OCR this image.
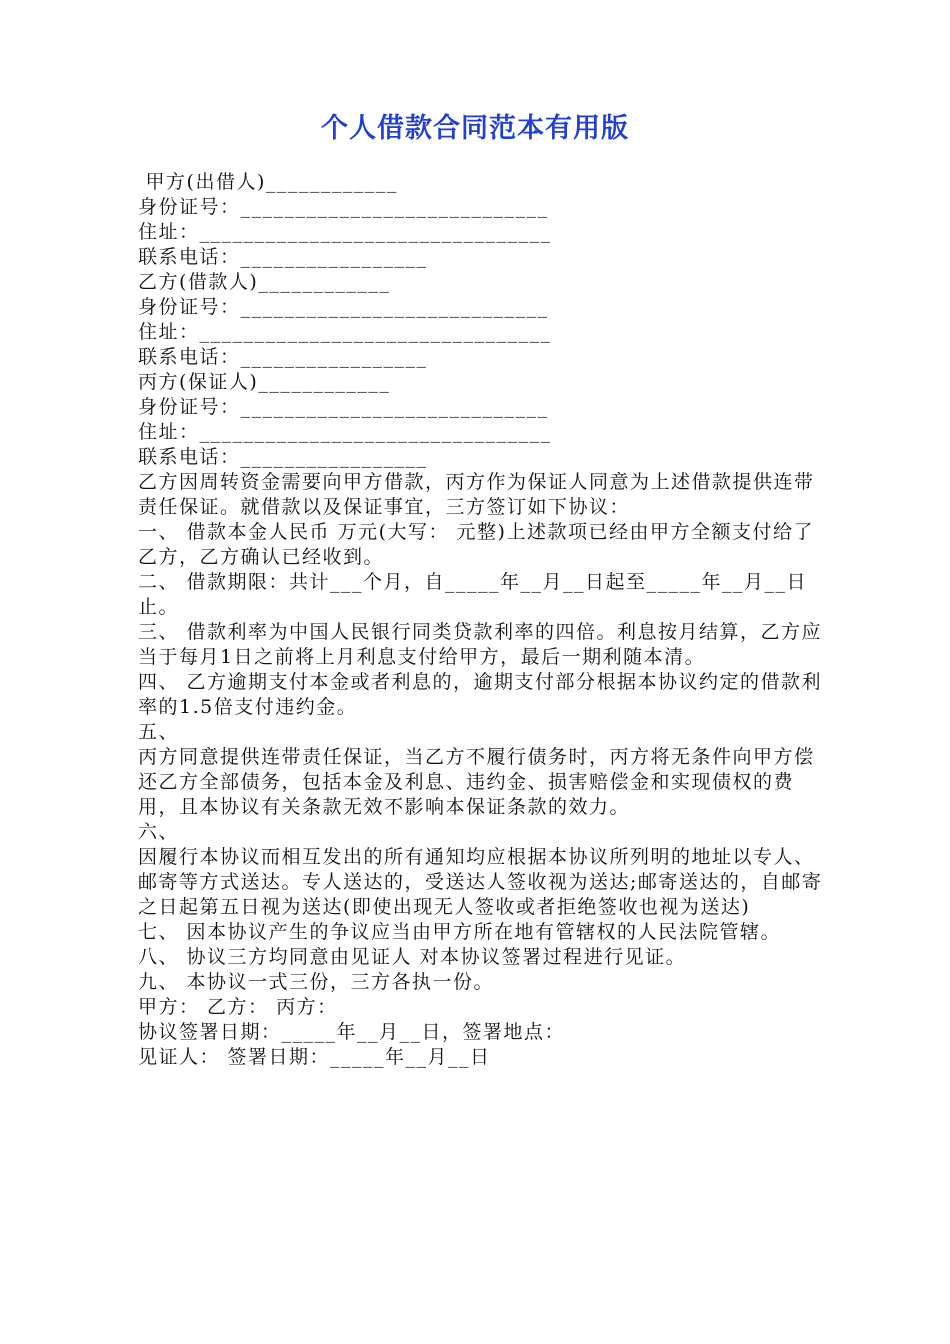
个人借款合同范本有用版
甲方(出借人)____________
身份证号：____________________________
住址：________________________________
联系电话：_________________
乙方(借款人)____________
身份证号：____________________________
住址：________________________________
联系电话：_________________
丙方(保证人)____________
身份证号：____________________________
住址：________________________________
联系电话：_________________
乙方因周转资金需要向甲方借款，丙方作为保证人同意为上述借款提供连带责任保证。就借款以及保证事宜，三方签订如下协议：
一、 借款本金人民币 万元(大写： 元整)上述款项已经由甲方全额支付给了乙方，乙方确认已经收到。
二、 借款期限：共计___个月，自_____年__月__日起至_____年__月__日止。
三、 借款利率为中国人民银行同类贷款利率的四倍。利息按月结算，乙方应当于每月1日之前将上月利息支付给甲方，最后一期利随本清。
四、 乙方逾期支付本金或者利息的，逾期支付部分根据本协议约定的借款利率的1.5倍支付违约金。
五、
丙方同意提供连带责任保证，当乙方不履行债务时，丙方将无条件向甲方偿还乙方全部债务，包括本金及利息、违约金、损害赔偿金和实现债权的费用，且本协议有关条款无效不影响本保证条款的效力。
六、
因履行本协议而相互发出的所有通知均应根据本协议所列明的地址以专人、邮寄等方式送达。专人送达的，受送达人签收视为送达;邮寄送达的，自邮寄之日起第五日视为送达(即使出现无人签收或者拒绝签收也视为送达)
七、 因本协议产生的争议应当由甲方所在地有管辖权的人民法院管辖。
八、 协议三方均同意由见证人 对本协议签署过程进行见证。
九、 本协议一式三份，三方各执一份。
甲方： 乙方： 丙方：
协议签署日期：_____年__月__日，签署地点：
见证人： 签署日期：_____年__月__日
